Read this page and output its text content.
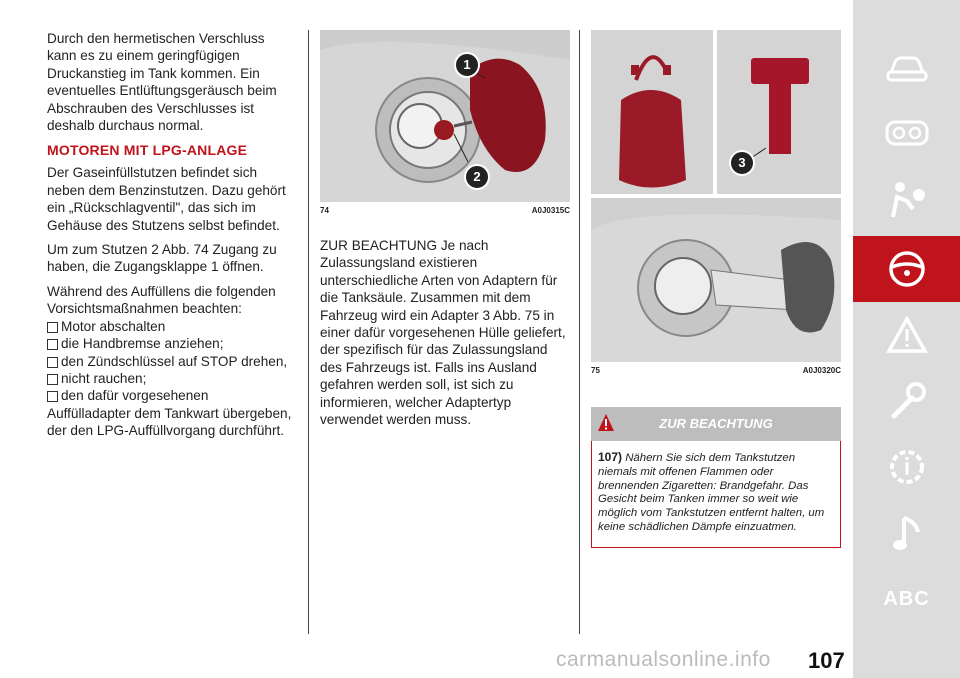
Durch den hermetischen Verschluss kann es zu einem geringfügigen Druckanstieg im Tank kommen. Ein eventuelles Entlüftungsgeräusch beim Abschrauben des Verschlusses ist deshalb durchaus normal.

MOTOREN MIT LPG-ANLAGE

Der Gaseinfüllstutzen befindet sich neben dem Benzinstutzen. Dazu gehört ein „Rückschlagventil", das sich im Gehäuse des Stutzens selbst befindet.

Um zum Stutzen 2 Abb. 74 Zugang zu haben, die Zugangsklappe 1 öffnen.

Während des Auffüllens die folgenden Vorsichtsmaßnahmen beachten:

Motor abschalten
die Handbremse anziehen;
den Zündschlüssel auf STOP drehen,
nicht rauchen;
den dafür vorgesehenen
Auffülladapter dem Tankwart übergeben, der den LPG-Auffüllvorgang durchführt.
1
2
74	A0J0315C

ZUR BEACHTUNG Je nach Zulassungsland existieren unterschiedliche Arten von Adaptern für die Tanksäule. Zusammen mit dem Fahrzeug wird ein Adapter 3 Abb. 75 in einer dafür vorgesehenen Hülle geliefert, der spezifisch für das Zulassungsland des Fahrzeugs ist. Falls ins Ausland gefahren werden soll, ist sich zu informieren, welcher Adaptertyp verwendet werden muss.

3
75	A0J0320C
ZUR BEACHTUNG

107) Nähern Sie sich dem Tankstutzen niemals mit offenen Flammen oder brennenden Zigaretten: Brandgefahr. Das Gesicht beim Tanken immer so weit wie möglich vom Tankstutzen entfernt halten, um keine schädlichen Dämpfe einzuatmen.

ABC
carmanualsonline.info 107
